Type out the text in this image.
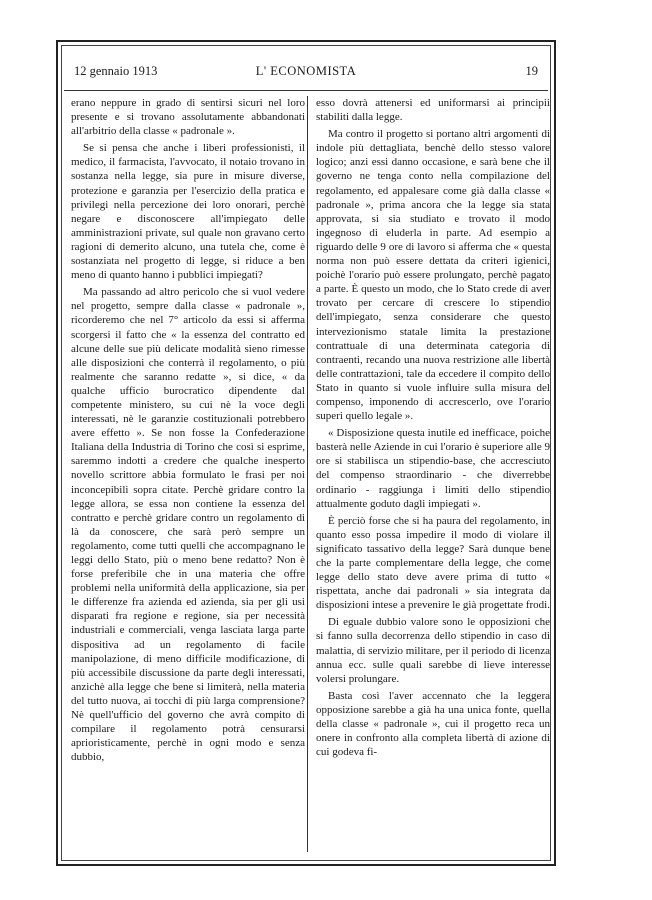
12 gennaio 1913	L' ECONOMISTA	19

erano neppure in grado di sentirsi sicuri nel loro presente e si trovano assolutamente abbandonati all'arbitrio della classe « padronale ».

Se si pensa che anche i liberi professionisti, il medico, il farmacista, l'avvocato, il notaio trovano in sostanza nella legge, sia pure in misure diverse, protezione e garanzia per l'esercizio della pratica e privilegi nella percezione dei loro onorari, perchè negare e disconoscere all'impiegato delle amministrazioni private, sul quale non gravano certo ragioni di demerito alcuno, una tutela che, come è sostanziata nel progetto di legge, si riduce a ben meno di quanto hanno i pubblici impiegati?

Ma passando ad altro pericolo che si vuol vedere nel progetto, sempre dalla classe « padronale », ricorderemo che nel 7° articolo da essi si afferma scorgersi il fatto che « la essenza del contratto ed alcune delle sue più delicate modalità sieno rimesse alle disposizioni che conterrà il regolamento, o più realmente che saranno redatte », si dice, « da qualche ufficio burocratico dipendente dal competente ministero, su cui nè la voce degli interessati, nè le garanzie costituzionali potrebbero avere effetto ». Se non fosse la Confederazione Italiana della Industria di Torino che così si esprime, saremmo indotti a credere che qualche inesperto novello scrittore abbia formulato le frasi per noi inconcepibili sopra citate. Perchè gridare contro la legge allora, se essa non contiene la essenza del contratto e perchè gridare contro un regolamento di là da conoscere, che sarà però sempre un regolamento, come tutti quelli che accompagnano le leggi dello Stato, più o meno bene redatto? Non è forse preferibile che in una materia che offre problemi nella uniformità della applicazione, sia per le differenze fra azienda ed azienda, sia per gli usi disparati fra regione e regione, sia per necessità industriali e commerciali, venga lasciata larga parte dispositiva ad un regolamento di facile manipolazione, di meno difficile modificazione, di più accessibile discussione da parte degli interessati, anzichè alla legge che bene si limiterà, nella materia del tutto nuova, ai tocchi di più larga comprensione? Nè quell'ufficio del governo che avrà compito di compilare il regolamento potrà censurarsi aprioristicamente, perchè in ogni modo e senza dubbio,

esso dovrà attenersi ed uniformarsi ai principii stabiliti dalla legge.

Ma contro il progetto si portano altri argomenti di indole più dettagliata, benchè dello stesso valore logico; anzi essi danno occasione, e sarà bene che il governo ne tenga conto nella compilazione del regolamento, ed appalesare come già dalla classe « padronale », prima ancora che la legge sia stata approvata, si sia studiato e trovato il modo ingegnoso di eluderla in parte. Ad esempio a riguardo delle 9 ore di lavoro si afferma che « questa norma non può essere dettata da criteri igienici, poichè l'orario può essere prolungato, perchè pagato a parte. È questo un modo, che lo Stato crede di aver trovato per cercare di crescere lo stipendio dell'impiegato, senza considerare che questo intervezionismo statale limita la prestazione contrattuale di una determinata categoria di contraenti, recando una nuova restrizione alle libertà delle contrattazioni, tale da eccedere il compito dello Stato in quanto si vuole influire sulla misura del compenso, imponendo di accrescerlo, ove l'orario superi quello legale ».

« Disposizione questa inutile ed inefficace, poiche basterà nelle Aziende in cui l'orario è superiore alle 9 ore si stabilisca un stipendio-base, che accresciuto del compenso straordinario - che diverrebbe ordinario - raggiunga i limiti dello stipendio attualmente goduto dagli impiegati ».

È perciò forse che si ha paura del regolamento, in quanto esso possa impedire il modo di violare il significato tassativo della legge? Sarà dunque bene che la parte complementare della legge, che come legge dello stato deve avere prima di tutto « rispettata, anche dai padronali » sia integrata da disposizioni intese a prevenire le già progettate frodi.

Di eguale dubbio valore sono le opposizioni che si fanno sulla decorrenza dello stipendio in caso di malattia, di servizio militare, per il periodo di licenza annua ecc. sulle quali sarebbe di lieve interesse volersi prolungare.

Basta così l'aver accennato che la leggera opposizione sarebbe a già ha una unica fonte, quella della classe « padronale », cui il progetto reca un onere in confronto alla completa libertà di azione di cui godeva fi-
